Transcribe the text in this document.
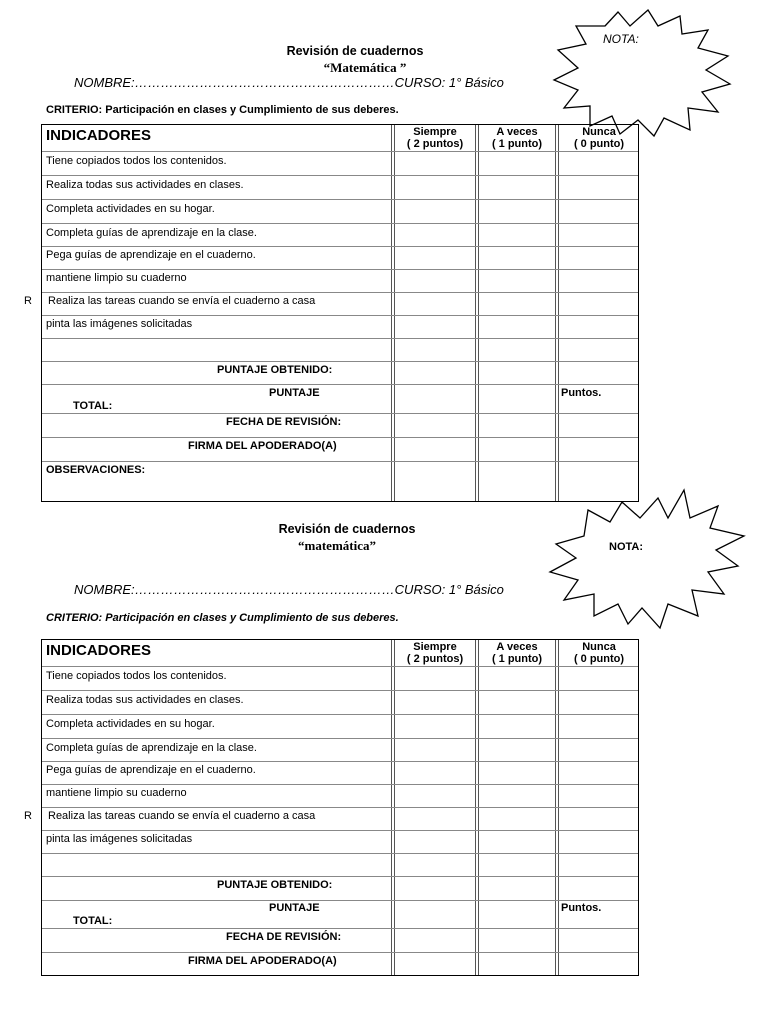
Revisión de cuadernos
“Matemática ”
NOMBRE:……………………………………………………CURSO: 1° Básico
CRITERIO: Participación en clases y Cumplimiento de sus deberes.
NOTA:
INDICADORES	Siempre
( 2 puntos)
A veces
( 1 punto)
Nunca
( 0 punto)
Tiene copiados todos los contenidos.
Realiza todas sus actividades en clases.
Completa actividades en su hogar.
Completa guías de aprendizaje en la clase.
Pega guías de aprendizaje en el cuaderno.
mantiene limpio su cuaderno
Realiza las tareas cuando se envía el cuaderno a casa
pinta las imágenes solicitadas
PUNTAJE OBTENIDO:
PUNTAJE
TOTAL:
Puntos.
FECHA DE REVISIÓN:
FIRMA DEL APODERADO(A)
OBSERVACIONES:
R
Revisión de cuadernos
“matemática”
NOMBRE:……………………………………………………CURSO: 1° Básico
CRITERIO: Participación en clases y Cumplimiento de sus deberes.
NOTA:
INDICADORES	Siempre
( 2 puntos)
A veces
( 1 punto)
Nunca
( 0 punto)
Tiene copiados todos los contenidos.
Realiza todas sus actividades en clases.
Completa actividades en su hogar.
Completa guías de aprendizaje en la clase.
Pega guías de aprendizaje en el cuaderno.
mantiene limpio su cuaderno
Realiza las tareas cuando se envía el cuaderno a casa
pinta las imágenes solicitadas
PUNTAJE OBTENIDO:
PUNTAJE
TOTAL:
Puntos.
FECHA DE REVISIÓN:
FIRMA DEL APODERADO(A)
R
